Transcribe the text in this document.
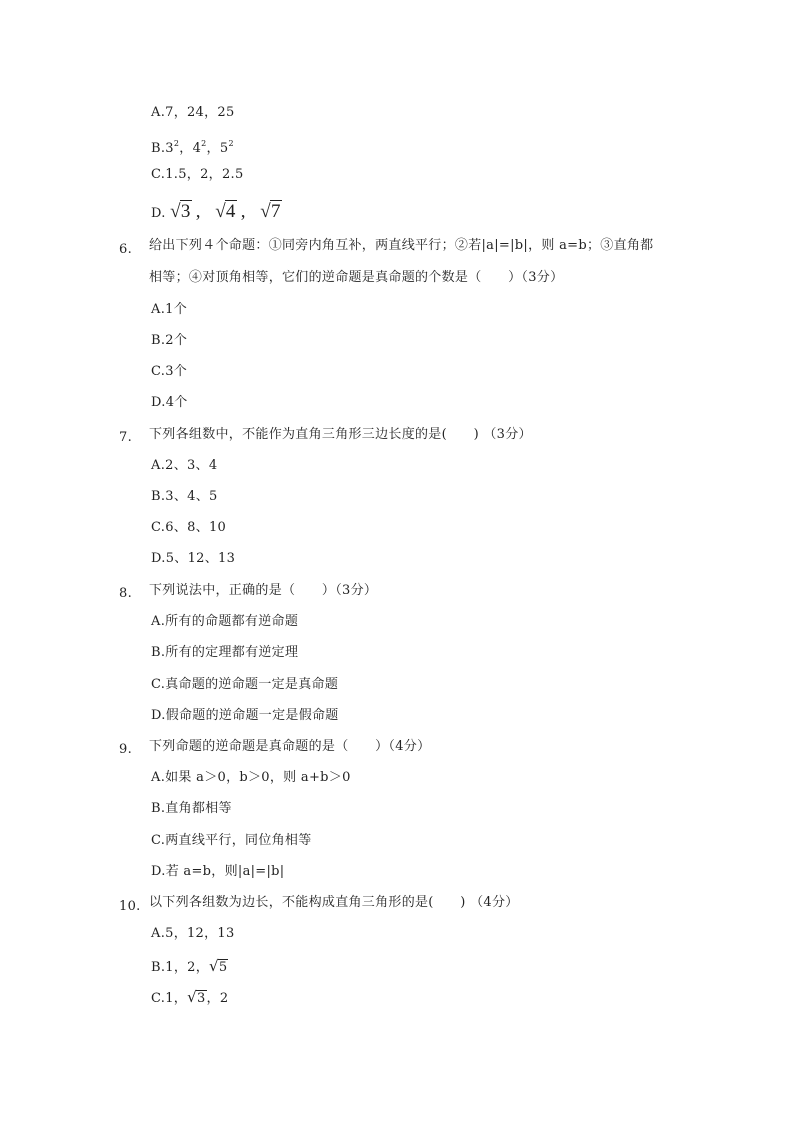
A.7，24，25
$B.3^2$，$4^2$，$5^2$
C.1.5，2，2.5
D. √3 , √4 , √7
6. 给出下列４个命题：①同旁内角互补，两直线平行；②若|a|=|b|，则 a=b；③直角都
相等；④对顶角相等，它们的逆命题是真命题的个数是（　　）（3分）
A.1个
B.2个
C.3个
D.4个
7. 下列各组数中，不能作为直角三角形三边长度的是(　　) （3分）
A.2、3、4
B.3、4、5
C.6、8、10
D.5、12、13
8. 下列说法中，正确的是（　　）（3分）
A.所有的命题都有逆命题
B.所有的定理都有逆定理
C.真命题的逆命题一定是真命题
D.假命题的逆命题一定是假命题
9. 下列命题的逆命题是真命题的是（　　）（4分）
A.如果 a＞0，b＞0，则 a+b＞0
B.直角都相等
C.两直线平行，同位角相等
D.若 a=b，则|a|=|b|
10. 以下列各组数为边长，不能构成直角三角形的是(　　) （4分）
A.5，12，13
B.1，2，√5
C.1，√3，2
